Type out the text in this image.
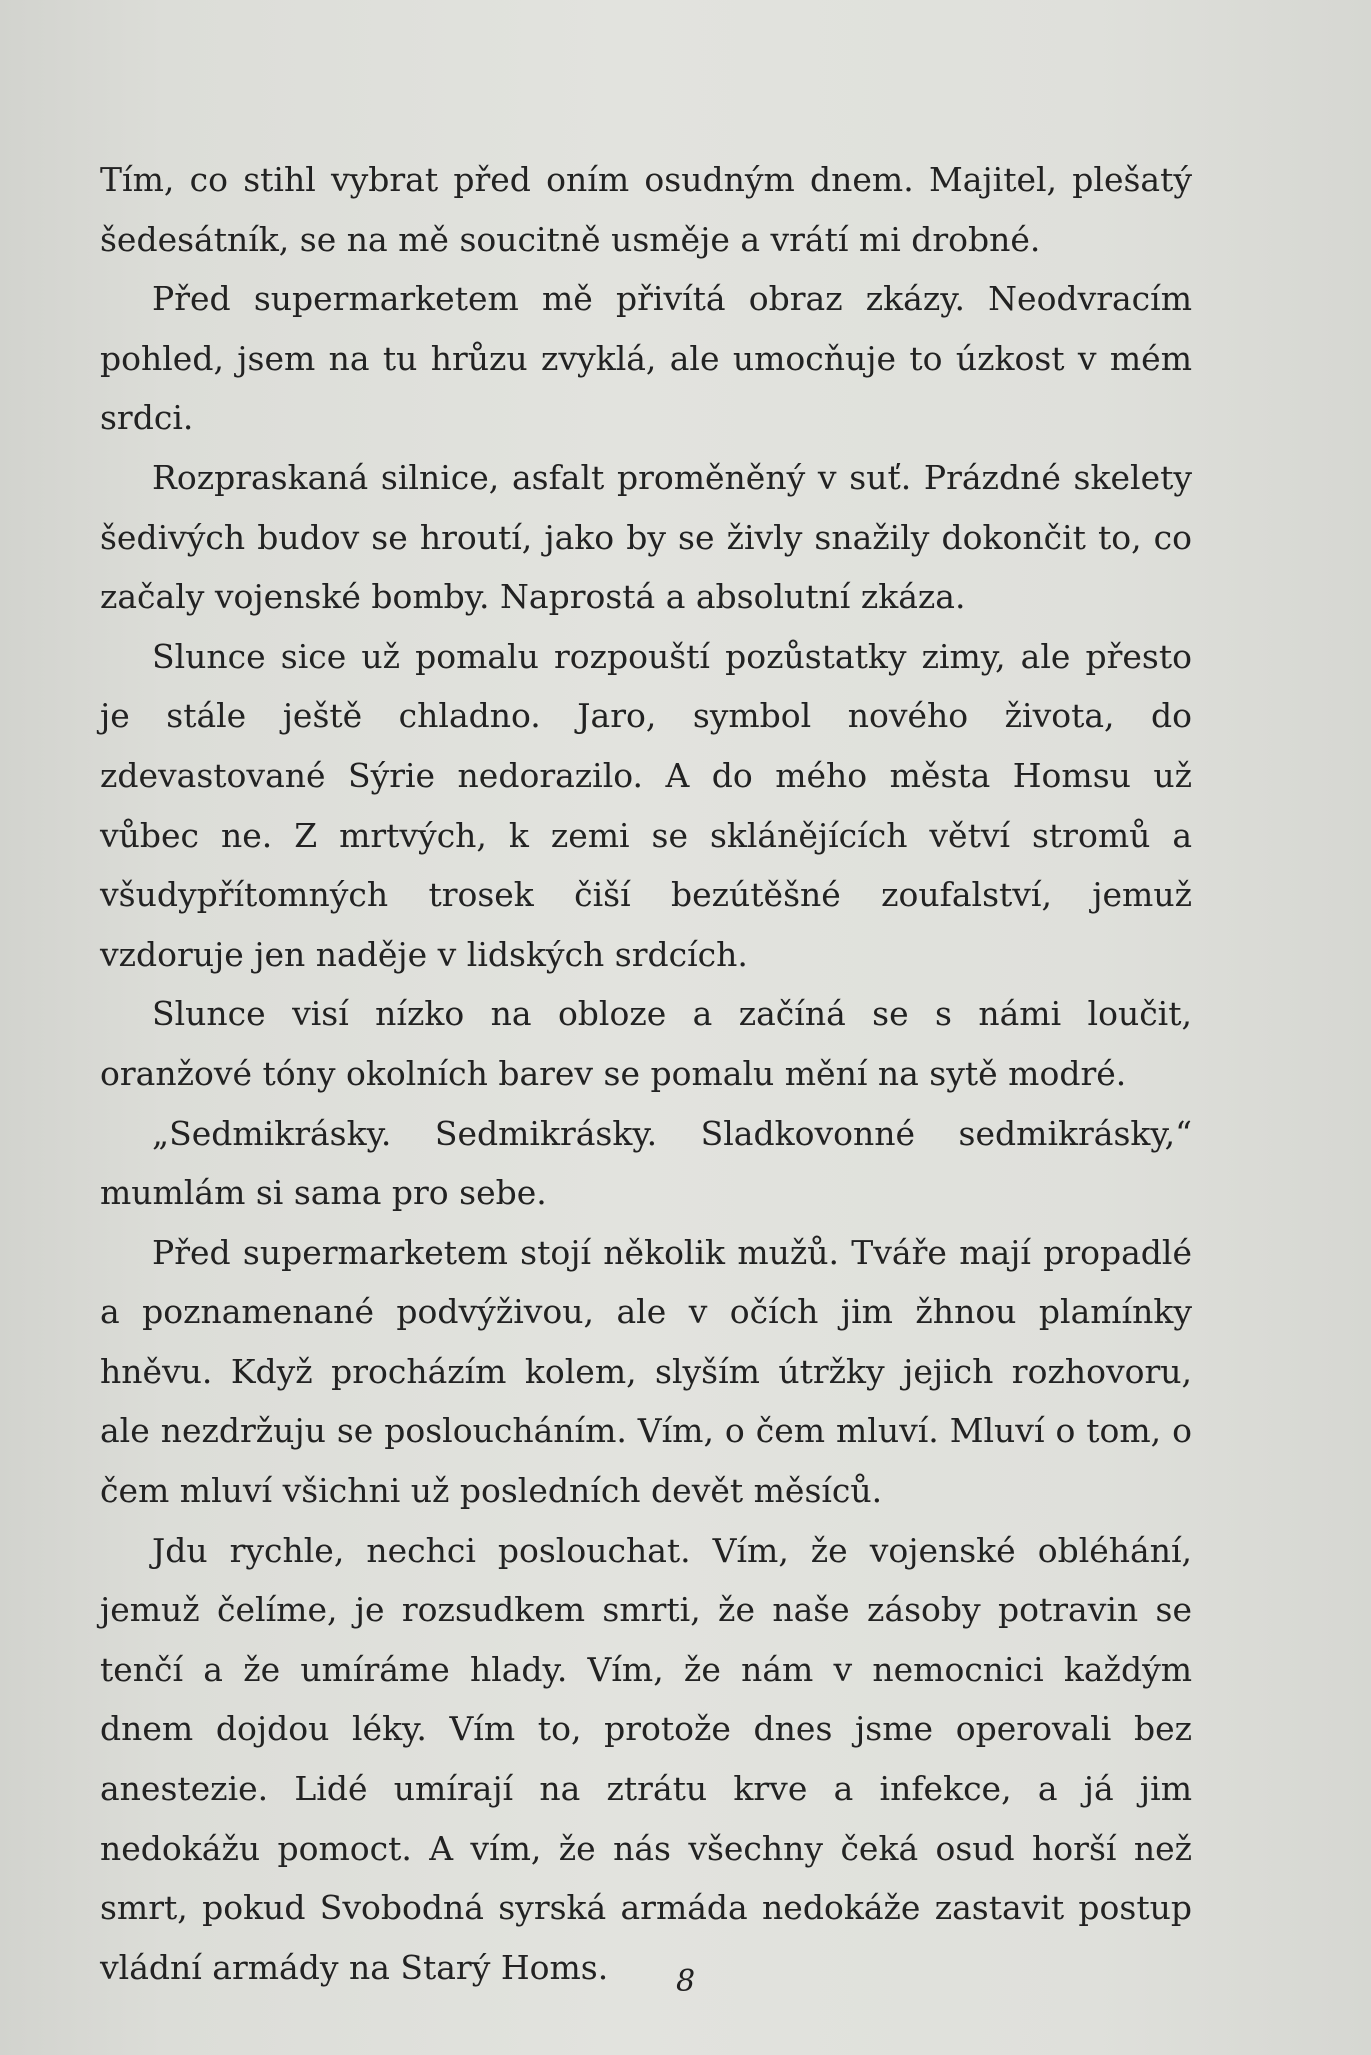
Tím, co stihl vybrat před oním osudným dnem. Majitel, plešatý šedesátník, se na mě soucitně usměje a vrátí mi drobné.

Před supermarketem mě přivítá obraz zkázy. Neodvracím pohled, jsem na tu hrůzu zvyklá, ale umocňuje to úzkost v mém srdci.

Rozpraskaná silnice, asfalt proměněný v suť. Prázdné skelety šedivých budov se hroutí, jako by se živly snažily dokončit to, co začaly vojenské bomby. Naprostá a absolutní zkáza.

Slunce sice už pomalu rozpouští pozůstatky zimy, ale přesto je stále ještě chladno. Jaro, symbol nového života, do zdevastované Sýrie nedorazilo. A do mého města Homsu už vůbec ne. Z mrtvých, k zemi se sklánějících větví stromů a všudypřítomných trosek čiší bezútěšné zoufalství, jemuž vzdoruje jen naděje v lidských srdcích.

Slunce visí nízko na obloze a začíná se s námi loučit, oranžové tóny okolních barev se pomalu mění na sytě modré.

„Sedmikrásky. Sedmikrásky. Sladkovonné sedmikrásky,“ mumlám si sama pro sebe.

Před supermarketem stojí několik mužů. Tváře mají propadlé a poznamenané podvýživou, ale v očích jim žhnou plamínky hněvu. Když procházím kolem, slyším útržky jejich rozhovoru, ale nezdržuju se posloucháním. Vím, o čem mluví. Mluví o tom, o čem mluví všichni už posledních devět měsíců.

Jdu rychle, nechci poslouchat. Vím, že vojenské obléhání, jemuž čelíme, je rozsudkem smrti, že naše zásoby potravin se tenčí a že umíráme hlady. Vím, že nám v nemocnici každým dnem dojdou léky. Vím to, protože dnes jsme operovali bez anestezie. Lidé umírají na ztrátu krve a infekce, a já jim nedokážu pomoct. A vím, že nás všechny čeká osud horší než smrt, pokud Svobodná syrská armáda nedokáže zastavit postup vládní armády na Starý Homs.	8
